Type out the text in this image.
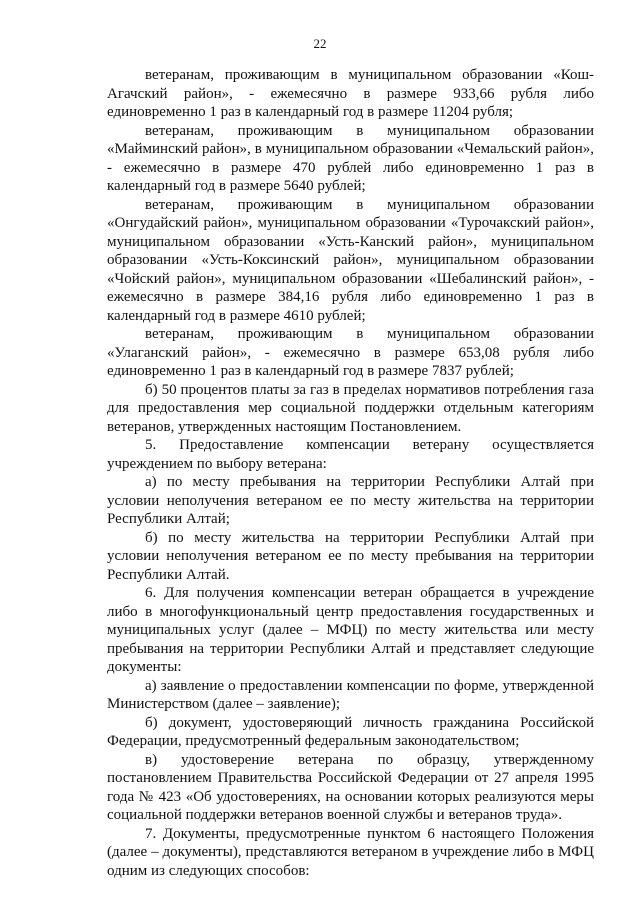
22

ветеранам, проживающим в муниципальном образовании «Кош-Агачский район», - ежемесячно в размере 933,66 рубля либо единовременно 1 раз в календарный год в размере 11204 рубля;

ветеранам, проживающим в муниципальном образовании «Майминский район», в муниципальном образовании «Чемальский район», - ежемесячно в размере 470 рублей либо единовременно 1 раз в календарный год в размере 5640 рублей;

ветеранам, проживающим в муниципальном образовании «Онгудайский район», муниципальном образовании «Турочакский район», муниципальном образовании «Усть-Канский район», муниципальном образовании «Усть-Коксинский район», муниципальном образовании «Чойский район», муниципальном образовании «Шебалинский район», - ежемесячно в размере 384,16 рубля либо единовременно 1 раз в календарный год в размере 4610 рублей;

ветеранам, проживающим в муниципальном образовании «Улаганский район», - ежемесячно в размере 653,08 рубля либо единовременно 1 раз в календарный год в размере 7837 рублей;

б) 50 процентов платы за газ в пределах нормативов потребления газа для предоставления мер социальной поддержки отдельным категориям ветеранов, утвержденных настоящим Постановлением.

5. Предоставление компенсации ветерану осуществляется учреждением по выбору ветерана:

а) по месту пребывания на территории Республики Алтай при условии неполучения ветераном ее по месту жительства на территории Республики Алтай;

б) по месту жительства на территории Республики Алтай при условии неполучения ветераном ее по месту пребывания на территории Республики Алтай.

6. Для получения компенсации ветеран обращается в учреждение либо в многофункциональный центр предоставления государственных и муниципальных услуг (далее – МФЦ) по месту жительства или месту пребывания на территории Республики Алтай и представляет следующие документы:

а) заявление о предоставлении компенсации по форме, утвержденной Министерством (далее – заявление);

б) документ, удостоверяющий личность гражданина Российской Федерации, предусмотренный федеральным законодательством;

в) удостоверение ветерана по образцу, утвержденному постановлением Правительства Российской Федерации от 27 апреля 1995 года № 423 «Об удостоверениях, на основании которых реализуются меры социальной поддержки ветеранов военной службы и ветеранов труда».

7. Документы, предусмотренные пунктом 6 настоящего Положения (далее – документы), представляются ветераном в учреждение либо в МФЦ одним из следующих способов:
